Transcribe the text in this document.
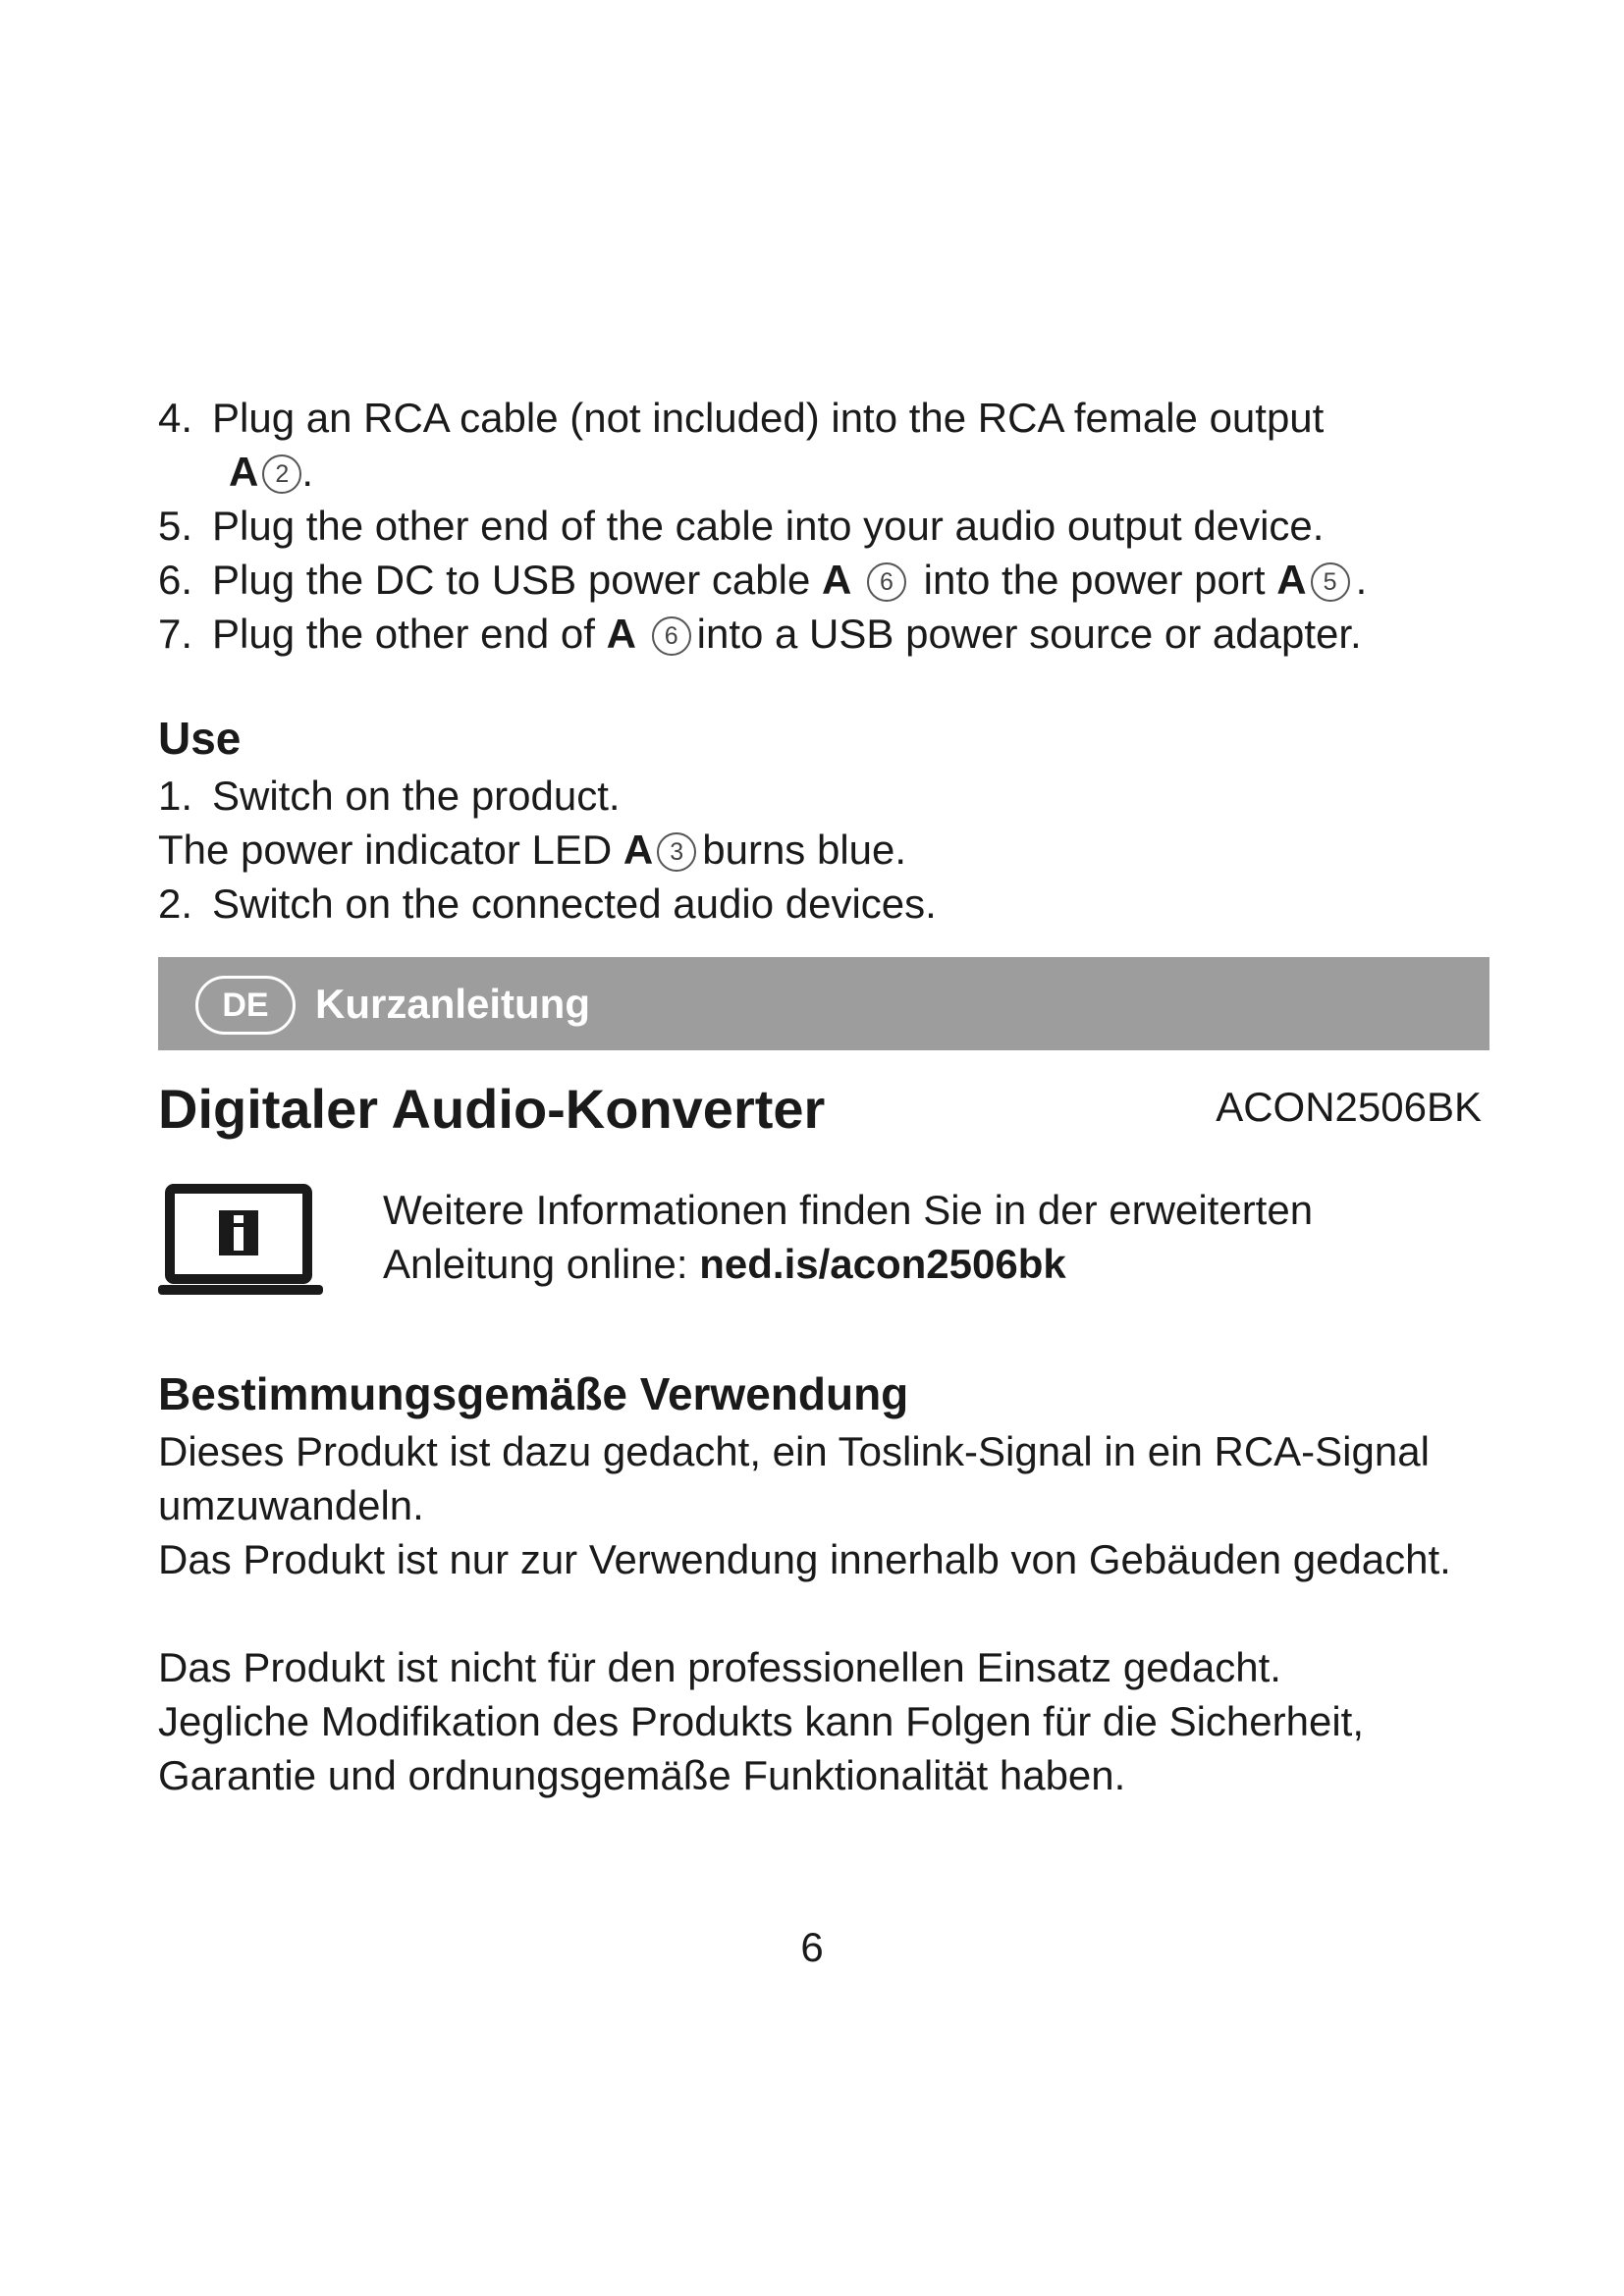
4. Plug an RCA cable (not included) into the RCA female output
A 2 .
5. Plug the other end of the cable into your audio output device.
6. Plug the DC to USB power cable A 6 into the power port A 5 .
7. Plug the other end of A 6 into a USB power source or adapter.
Use
1. Switch on the product.
The power indicator LED A 3 burns blue.
2. Switch on the connected audio devices.
DE	Kurzanleitung
Digitaler Audio-Konverter	ACON2506BK
Weitere Informationen finden Sie in der erweiterten
Anleitung online: ned.is/acon2506bk
Bestimmungsgemäße Verwendung
Dieses Produkt ist dazu gedacht, ein Toslink-Signal in ein RCA-Signal umzuwandeln.
Das Produkt ist nur zur Verwendung innerhalb von Gebäuden gedacht.
Das Produkt ist nicht für den professionellen Einsatz gedacht.
Jegliche Modifikation des Produkts kann Folgen für die Sicherheit, Garantie und ordnungsgemäße Funktionalität haben.
6
